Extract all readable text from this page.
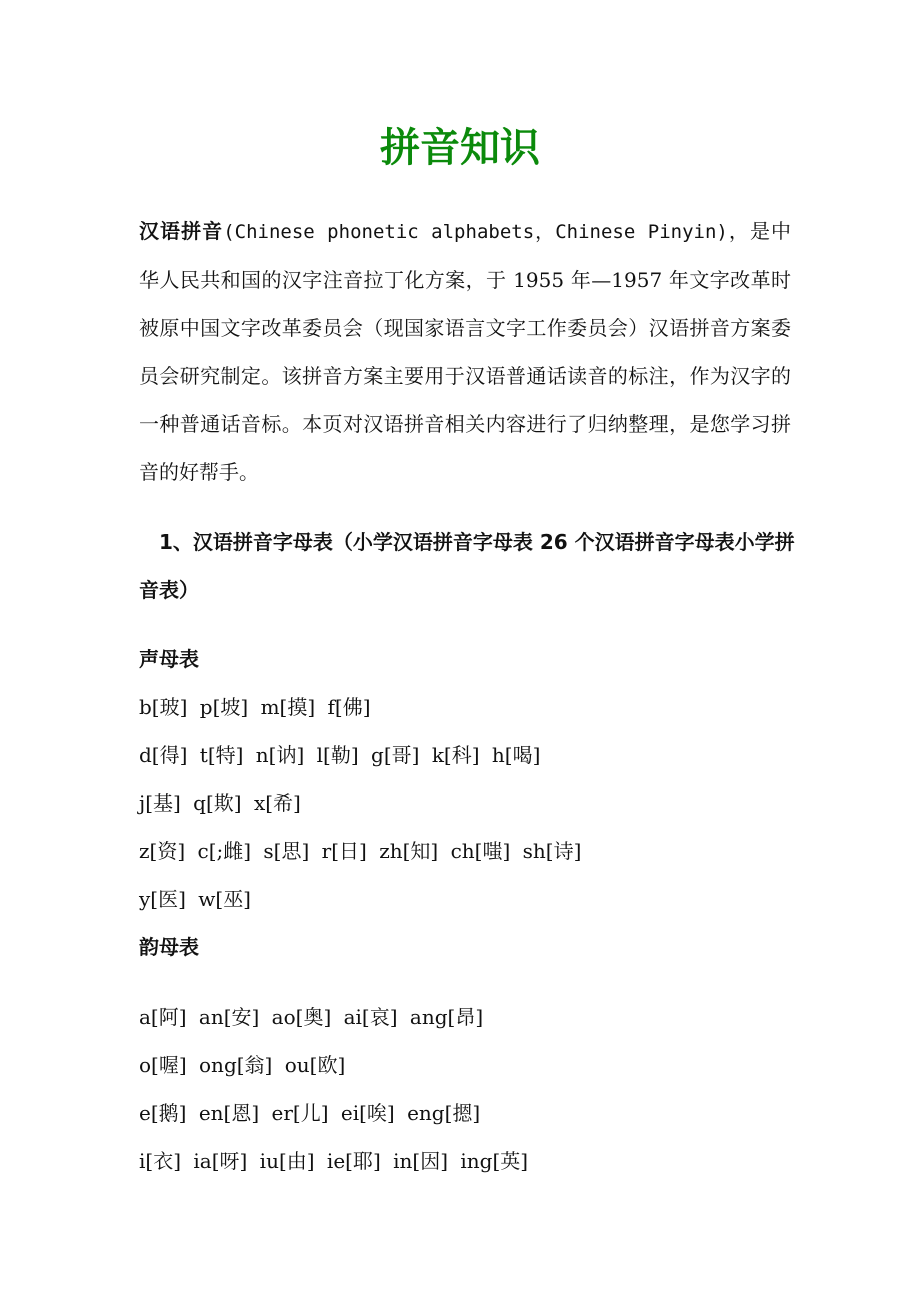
拼音知识
汉语拼音(Chinese phonetic alphabets，Chinese Pinyin)，是中华人民共和国的汉字注音拉丁化方案，于 1955 年—1957 年文字改革时被原中国文字改革委员会（现国家语言文字工作委员会）汉语拼音方案委员会研究制定。该拼音方案主要用于汉语普通话读音的标注，作为汉字的一种普通话音标。本页对汉语拼音相关内容进行了归纳整理，是您学习拼音的好帮手。
1、汉语拼音字母表（小学汉语拼音字母表 26 个汉语拼音字母表小学拼音表）
声母表
b[玻] p[坡] m[摸] f[佛]
d[得] t[特] n[讷] l[勒] g[哥] k[科] h[喝]
j[基] q[欺] x[希]
z[资] c[;雌] s[思] r[日] zh[知] ch[嗤] sh[诗]
y[医] w[巫]
韵母表
a[阿] an[安] ao[奥] ai[哀] ang[昂]
o[喔] ong[翁] ou[欧]
e[鹅] en[恩] er[儿] ei[唉] eng[摁]
i[衣] ia[呀] iu[由] ie[耶] in[因] ing[英]
